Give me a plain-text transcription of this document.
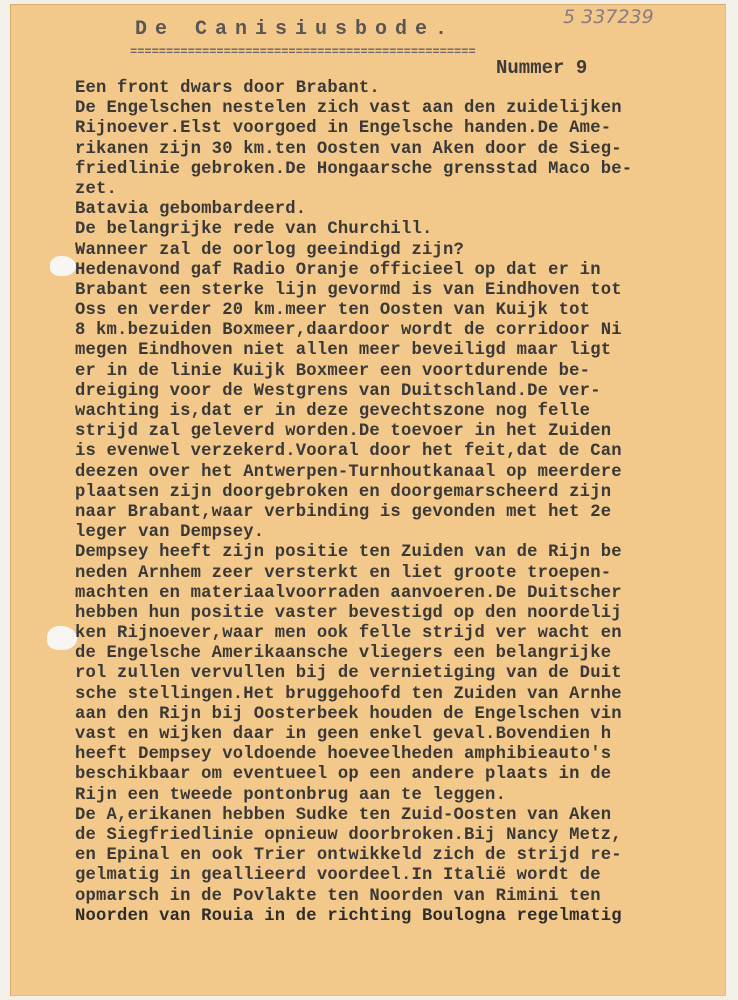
De Canisiusbode.
================================================
5 337239
Nummer 9
Een front dwars door Brabant.
De Engelschen nestelen zich vast aan den zuidelijken
Rijnoever.Elst voorgoed in Engelsche handen.De Ame-
rikanen zijn 30 km.ten Oosten van Aken door de Sieg-
friedlinie gebroken.De Hongaarsche grensstad Maco be-
zet.
Batavia gebombardeerd.
De belangrijke rede van Churchill.
Wanneer zal de oorlog geeindigd zijn?
Hedenavond gaf Radio Oranje officieel op dat er in
Brabant een sterke lijn gevormd is van Eindhoven tot
Oss en verder 20 km.meer ten Oosten van Kuijk tot
8 km.bezuiden Boxmeer,daardoor wordt de corridoor Ni
megen Eindhoven niet allen meer beveiligd maar ligt
er in de linie Kuijk Boxmeer een voortdurende be-
dreiging voor de Westgrens van Duitschland.De ver-
wachting is,dat er in deze gevechtszone nog felle
strijd zal geleverd worden.De toevoer in het Zuiden
is evenwel verzekerd.Vooral door het feit,dat de Can
deezen over het Antwerpen-Turnhoutkanaal op meerdere
plaatsen zijn doorgebroken en doorgemarscheerd zijn
naar Brabant,waar verbinding is gevonden met het 2e
leger van Dempsey.
Dempsey heeft zijn positie ten Zuiden van de Rijn be
neden Arnhem zeer versterkt en liet groote troepen-
machten en materiaalvoorraden aanvoeren.De Duitscher
hebben hun positie vaster bevestigd op den noordelij
ken Rijnoever,waar men ook felle strijd ver wacht en
de Engelsche Amerikaansche vliegers een belangrijke
rol zullen vervullen bij de vernietiging van de Duit
sche stellingen.Het bruggehoofd ten Zuiden van Arnhe
aan den Rijn bij Oosterbeek houden de Engelschen vin
vast en wijken daar in geen enkel geval.Bovendien h
heeft Dempsey voldoende hoeveelheden amphibieauto's
beschikbaar om eventueel op een andere plaats in de
Rijn een tweede pontonbrug aan te leggen.
De A,erikanen hebben Sudke ten Zuid-Oosten van Aken
de Siegfriedlinie opnieuw doorbroken.Bij Nancy Metz,
en Epinal en ook Trier ontwikkeld zich de strijd re-
gelmatig in geallieerd voordeel.In Italië wordt de
opmarsch in de Povlakte ten Noorden van Rimini ten
Noorden van Rouia in de richting Boulogna regelmatig
